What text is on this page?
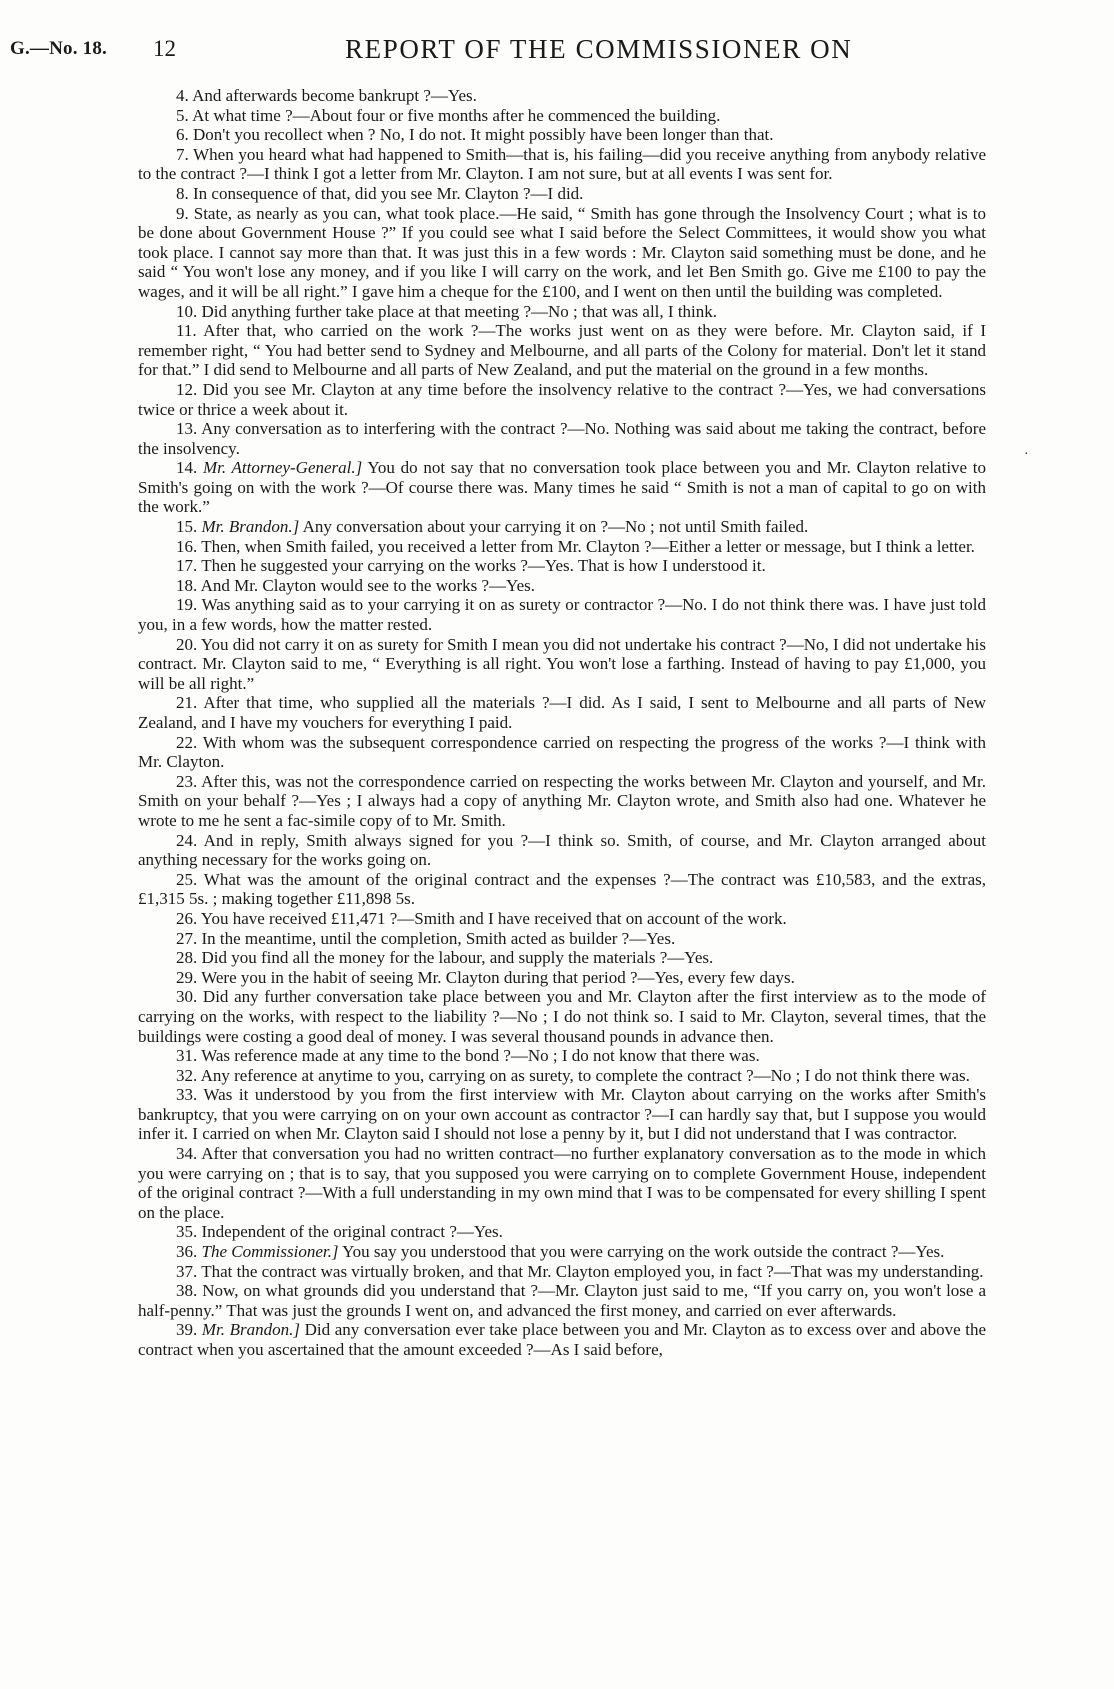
G.—No. 18. 12	REPORT OF THE COMMISSIONER ON

4. And afterwards become bankrupt ?—Yes.

5. At what time ?—About four or five months after he commenced the building.

6. Don't you recollect when ? No, I do not. It might possibly have been longer than that.

7. When you heard what had happened to Smith—that is, his failing—did you receive anything from anybody relative to the contract ?—I think I got a letter from Mr. Clayton. I am not sure, but at all events I was sent for.

8. In consequence of that, did you see Mr. Clayton ?—I did.

9. State, as nearly as you can, what took place.—He said, “ Smith has gone through the Insolvency Court ; what is to be done about Government House ?” If you could see what I said before the Select Committees, it would show you what took place. I cannot say more than that. It was just this in a few words : Mr. Clayton said something must be done, and he said “ You won't lose any money, and if you like I will carry on the work, and let Ben Smith go. Give me £100 to pay the wages, and it will be all right.” I gave him a cheque for the £100, and I went on then until the building was completed.

10. Did anything further take place at that meeting ?—No ; that was all, I think.

11. After that, who carried on the work ?—The works just went on as they were before. Mr. Clayton said, if I remember right, “ You had better send to Sydney and Melbourne, and all parts of the Colony for material. Don't let it stand for that.” I did send to Melbourne and all parts of New Zealand, and put the material on the ground in a few months.

12. Did you see Mr. Clayton at any time before the insolvency relative to the contract ?—Yes, we had conversations twice or thrice a week about it.

13. Any conversation as to interfering with the contract ?—No. Nothing was said about me taking the contract, before the insolvency.

14. Mr. Attorney-General.] You do not say that no conversation took place between you and Mr. Clayton relative to Smith's going on with the work ?—Of course there was. Many times he said “ Smith is not a man of capital to go on with the work.”

15. Mr. Brandon.] Any conversation about your carrying it on ?—No ; not until Smith failed.

16. Then, when Smith failed, you received a letter from Mr. Clayton ?—Either a letter or message, but I think a letter.

17. Then he suggested your carrying on the works ?—Yes. That is how I understood it.

18. And Mr. Clayton would see to the works ?—Yes.

19. Was anything said as to your carrying it on as surety or contractor ?—No. I do not think there was. I have just told you, in a few words, how the matter rested.

20. You did not carry it on as surety for Smith I mean you did not undertake his contract ?—No, I did not undertake his contract. Mr. Clayton said to me, “ Everything is all right. You won't lose a farthing. Instead of having to pay £1,000, you will be all right.”

21. After that time, who supplied all the materials ?—I did. As I said, I sent to Melbourne and all parts of New Zealand, and I have my vouchers for everything I paid.

22. With whom was the subsequent correspondence carried on respecting the progress of the works ?—I think with Mr. Clayton.

23. After this, was not the correspondence carried on respecting the works between Mr. Clayton and yourself, and Mr. Smith on your behalf ?—Yes ; I always had a copy of anything Mr. Clayton wrote, and Smith also had one. Whatever he wrote to me he sent a fac-simile copy of to Mr. Smith.

24. And in reply, Smith always signed for you ?—I think so. Smith, of course, and Mr. Clayton arranged about anything necessary for the works going on.

25. What was the amount of the original contract and the expenses ?—The contract was £10,583, and the extras, £1,315 5s. ; making together £11,898 5s.

26. You have received £11,471 ?—Smith and I have received that on account of the work.

27. In the meantime, until the completion, Smith acted as builder ?—Yes.

28. Did you find all the money for the labour, and supply the materials ?—Yes.

29. Were you in the habit of seeing Mr. Clayton during that period ?—Yes, every few days.

30. Did any further conversation take place between you and Mr. Clayton after the first interview as to the mode of carrying on the works, with respect to the liability ?—No ; I do not think so. I said to Mr. Clayton, several times, that the buildings were costing a good deal of money. I was several thousand pounds in advance then.

31. Was reference made at any time to the bond ?—No ; I do not know that there was.

32. Any reference at anytime to you, carrying on as surety, to complete the contract ?—No ; I do not think there was.

33. Was it understood by you from the first interview with Mr. Clayton about carrying on the works after Smith's bankruptcy, that you were carrying on on your own account as contractor ?—I can hardly say that, but I suppose you would infer it. I carried on when Mr. Clayton said I should not lose a penny by it, but I did not understand that I was contractor.

34. After that conversation you had no written contract—no further explanatory conversation as to the mode in which you were carrying on ; that is to say, that you supposed you were carrying on to complete Government House, independent of the original contract ?—With a full understanding in my own mind that I was to be compensated for every shilling I spent on the place.

35. Independent of the original contract ?—Yes.

36. The Commissioner.] You say you understood that you were carrying on the work outside the contract ?—Yes.

37. That the contract was virtually broken, and that Mr. Clayton employed you, in fact ?—That was my understanding.

38. Now, on what grounds did you understand that ?—Mr. Clayton just said to me, “If you carry on, you won't lose a half-penny.” That was just the grounds I went on, and advanced the first money, and carried on ever afterwards.

39. Mr. Brandon.] Did any conversation ever take place between you and Mr. Clayton as to excess over and above the contract when you ascertained that the amount exceeded ?—As I said before,

·
